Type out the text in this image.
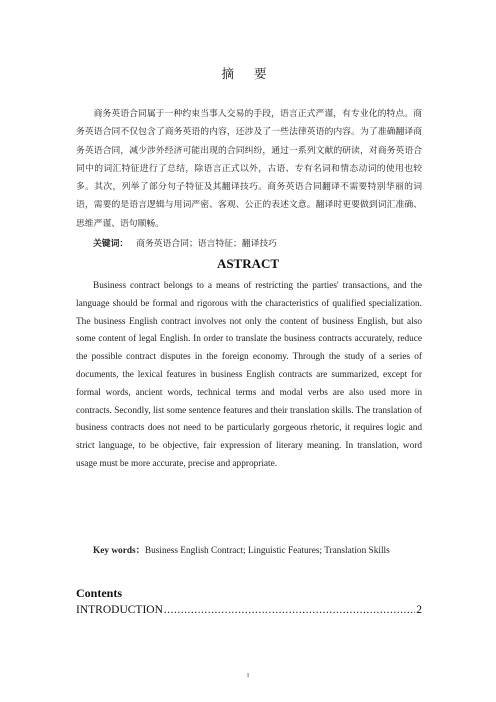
摘 要

商务英语合同属于一种约束当事人交易的手段，语言正式严谨，有专业化的特点。商务英语合同不仅包含了商务英语的内容，还涉及了一些法律英语的内容。为了准确翻译商务英语合同，减少涉外经济可能出现的合同纠纷，通过一系列文献的研读，对商务英语合同中的词汇特征进行了总结，除语言正式以外，古语、专有名词和情态动词的使用也较多。其次，列举了部分句子特征及其翻译技巧。商务英语合同翻译不需要特别华丽的词语，需要的是语言逻辑与用词严密、客观、公正的表述文意。翻译时更要做到词汇准确、思维严谨、语句顺畅。

关键词： 商务英语合同；语言特征；翻译技巧
ASTRACT

Business contract belongs to a means of restricting the parties' transactions, and the language should be formal and rigorous with the characteristics of qualified specialization. The business English contract involves not only the content of business English, but also some content of legal English. In order to translate the business contracts accurately, reduce the possible contract disputes in the foreign economy. Through the study of a series of documents, the lexical features in business English contracts are summarized, except for formal words, ancient words, technical terms and modal verbs are also used more in contracts. Secondly, list some sentence features and their translation skills. The translation of business contracts does not need to be particularly gorgeous rhetoric, it requires logic and strict language, to be objective, fair expression of literary meaning. In translation, word usage must be more accurate, precise and appropriate.

Key words：Business English Contract; Linguistic Features; Translation Skills
Contents
INTRODUCTION
.....	2
1
